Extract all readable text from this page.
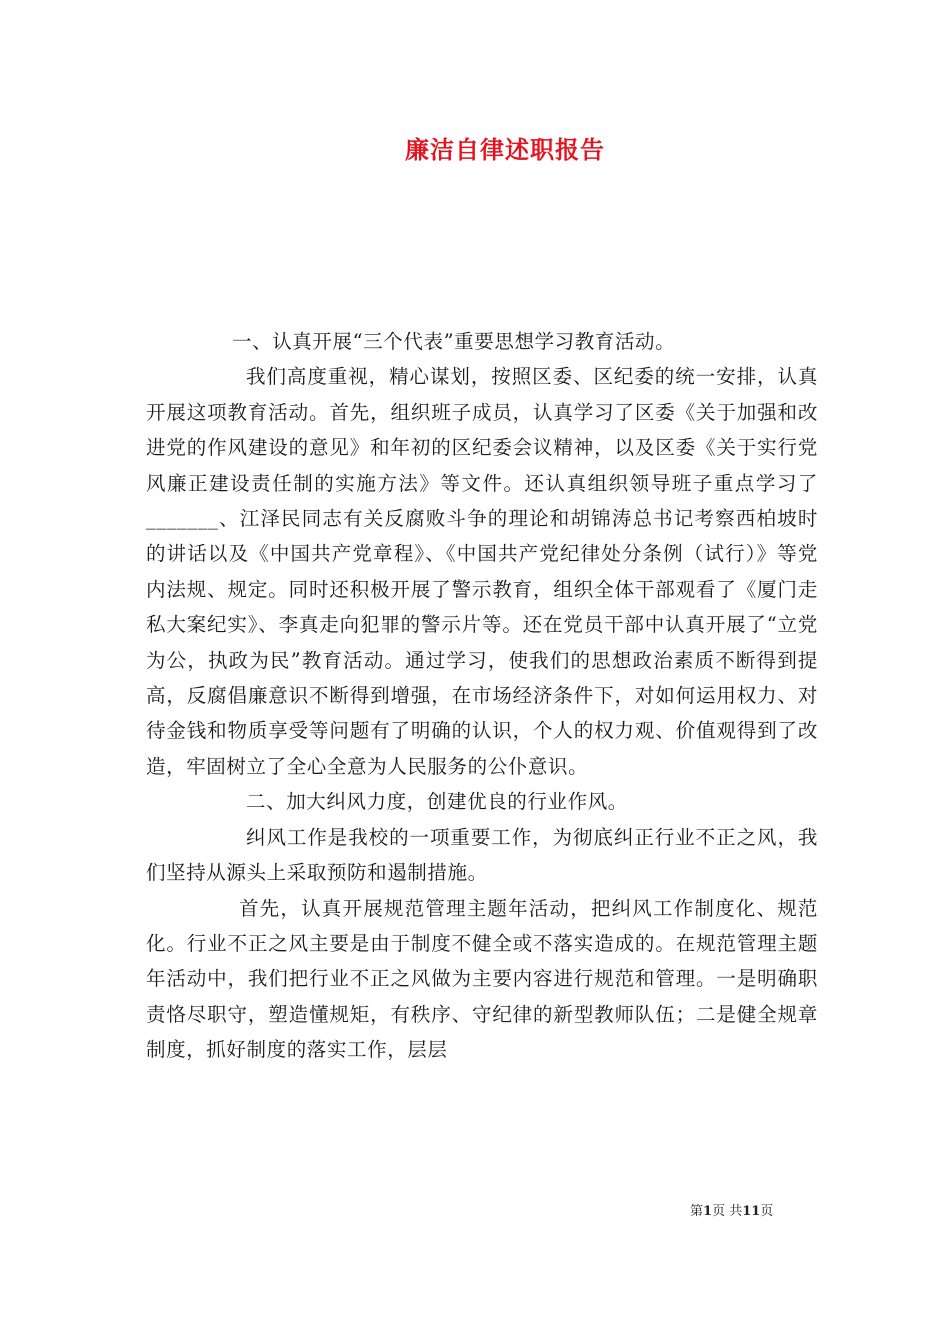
廉洁自律述职报告

一、认真开展“三个代表”重要思想学习教育活动。

我们高度重视，精心谋划，按照区委、区纪委的统一安排，认真开展这项教育活动。首先，组织班子成员，认真学习了区委《关于加强和改进党的作风建设的意见》和年初的区纪委会议精神，以及区委《关于实行党风廉正建设责任制的实施方法》等文件。还认真组织领导班子重点学习了_______、江泽民同志有关反腐败斗争的理论和胡锦涛总书记考察西柏坡时的讲话以及《中国共产党章程》、《中国共产党纪律处分条例（试行）》等党内法规、规定。同时还积极开展了警示教育，组织全体干部观看了《厦门走私大案纪实》、李真走向犯罪的警示片等。还在党员干部中认真开展了“立党为公，执政为民”教育活动。通过学习，使我们的思想政治素质不断得到提高，反腐倡廉意识不断得到增强，在市场经济条件下，对如何运用权力、对待金钱和物质享受等问题有了明确的认识，个人的权力观、价值观得到了改造，牢固树立了全心全意为人民服务的公仆意识。

二、加大纠风力度，创建优良的行业作风。

纠风工作是我校的一项重要工作，为彻底纠正行业不正之风，我们坚持从源头上采取预防和遏制措施。

首先，认真开展规范管理主题年活动，把纠风工作制度化、规范化。行业不正之风主要是由于制度不健全或不落实造成的。在规范管理主题年活动中，我们把行业不正之风做为主要内容进行规范和管理。一是明确职责恪尽职守，塑造懂规矩，有秩序、守纪律的新型教师队伍；二是健全规章制度，抓好制度的落实工作，层层

第1页 共11页
